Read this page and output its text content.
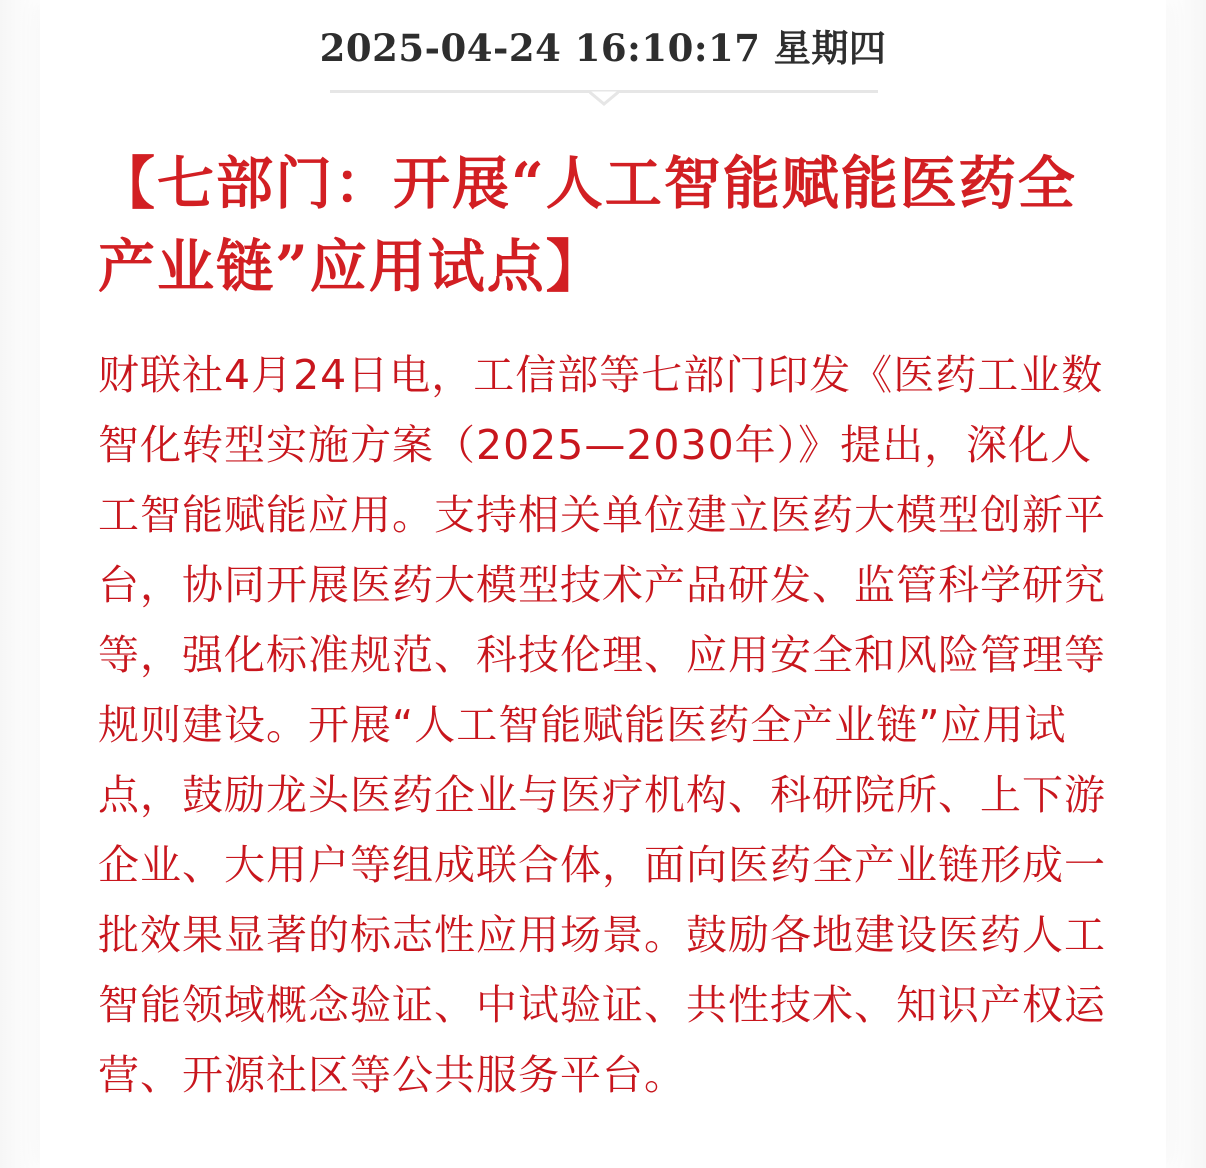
2025-04-24 16:10:17 星期四
【七部门：开展“人工智能赋能医药全产业链”应用试点】

财联社4月24日电，工信部等七部门印发《医药工业数智化转型实施方案（2025—2030年）》提出，深化人工智能赋能应用。支持相关单位建立医药大模型创新平台，协同开展医药大模型技术产品研发、监管科学研究等，强化标准规范、科技伦理、应用安全和风险管理等规则建设。开展“人工智能赋能医药全产业链”应用试点，鼓励龙头医药企业与医疗机构、科研院所、上下游企业、大用户等组成联合体，面向医药全产业链形成一批效果显著的标志性应用场景。鼓励各地建设医药人工智能领域概念验证、中试验证、共性技术、知识产权运营、开源社区等公共服务平台。
